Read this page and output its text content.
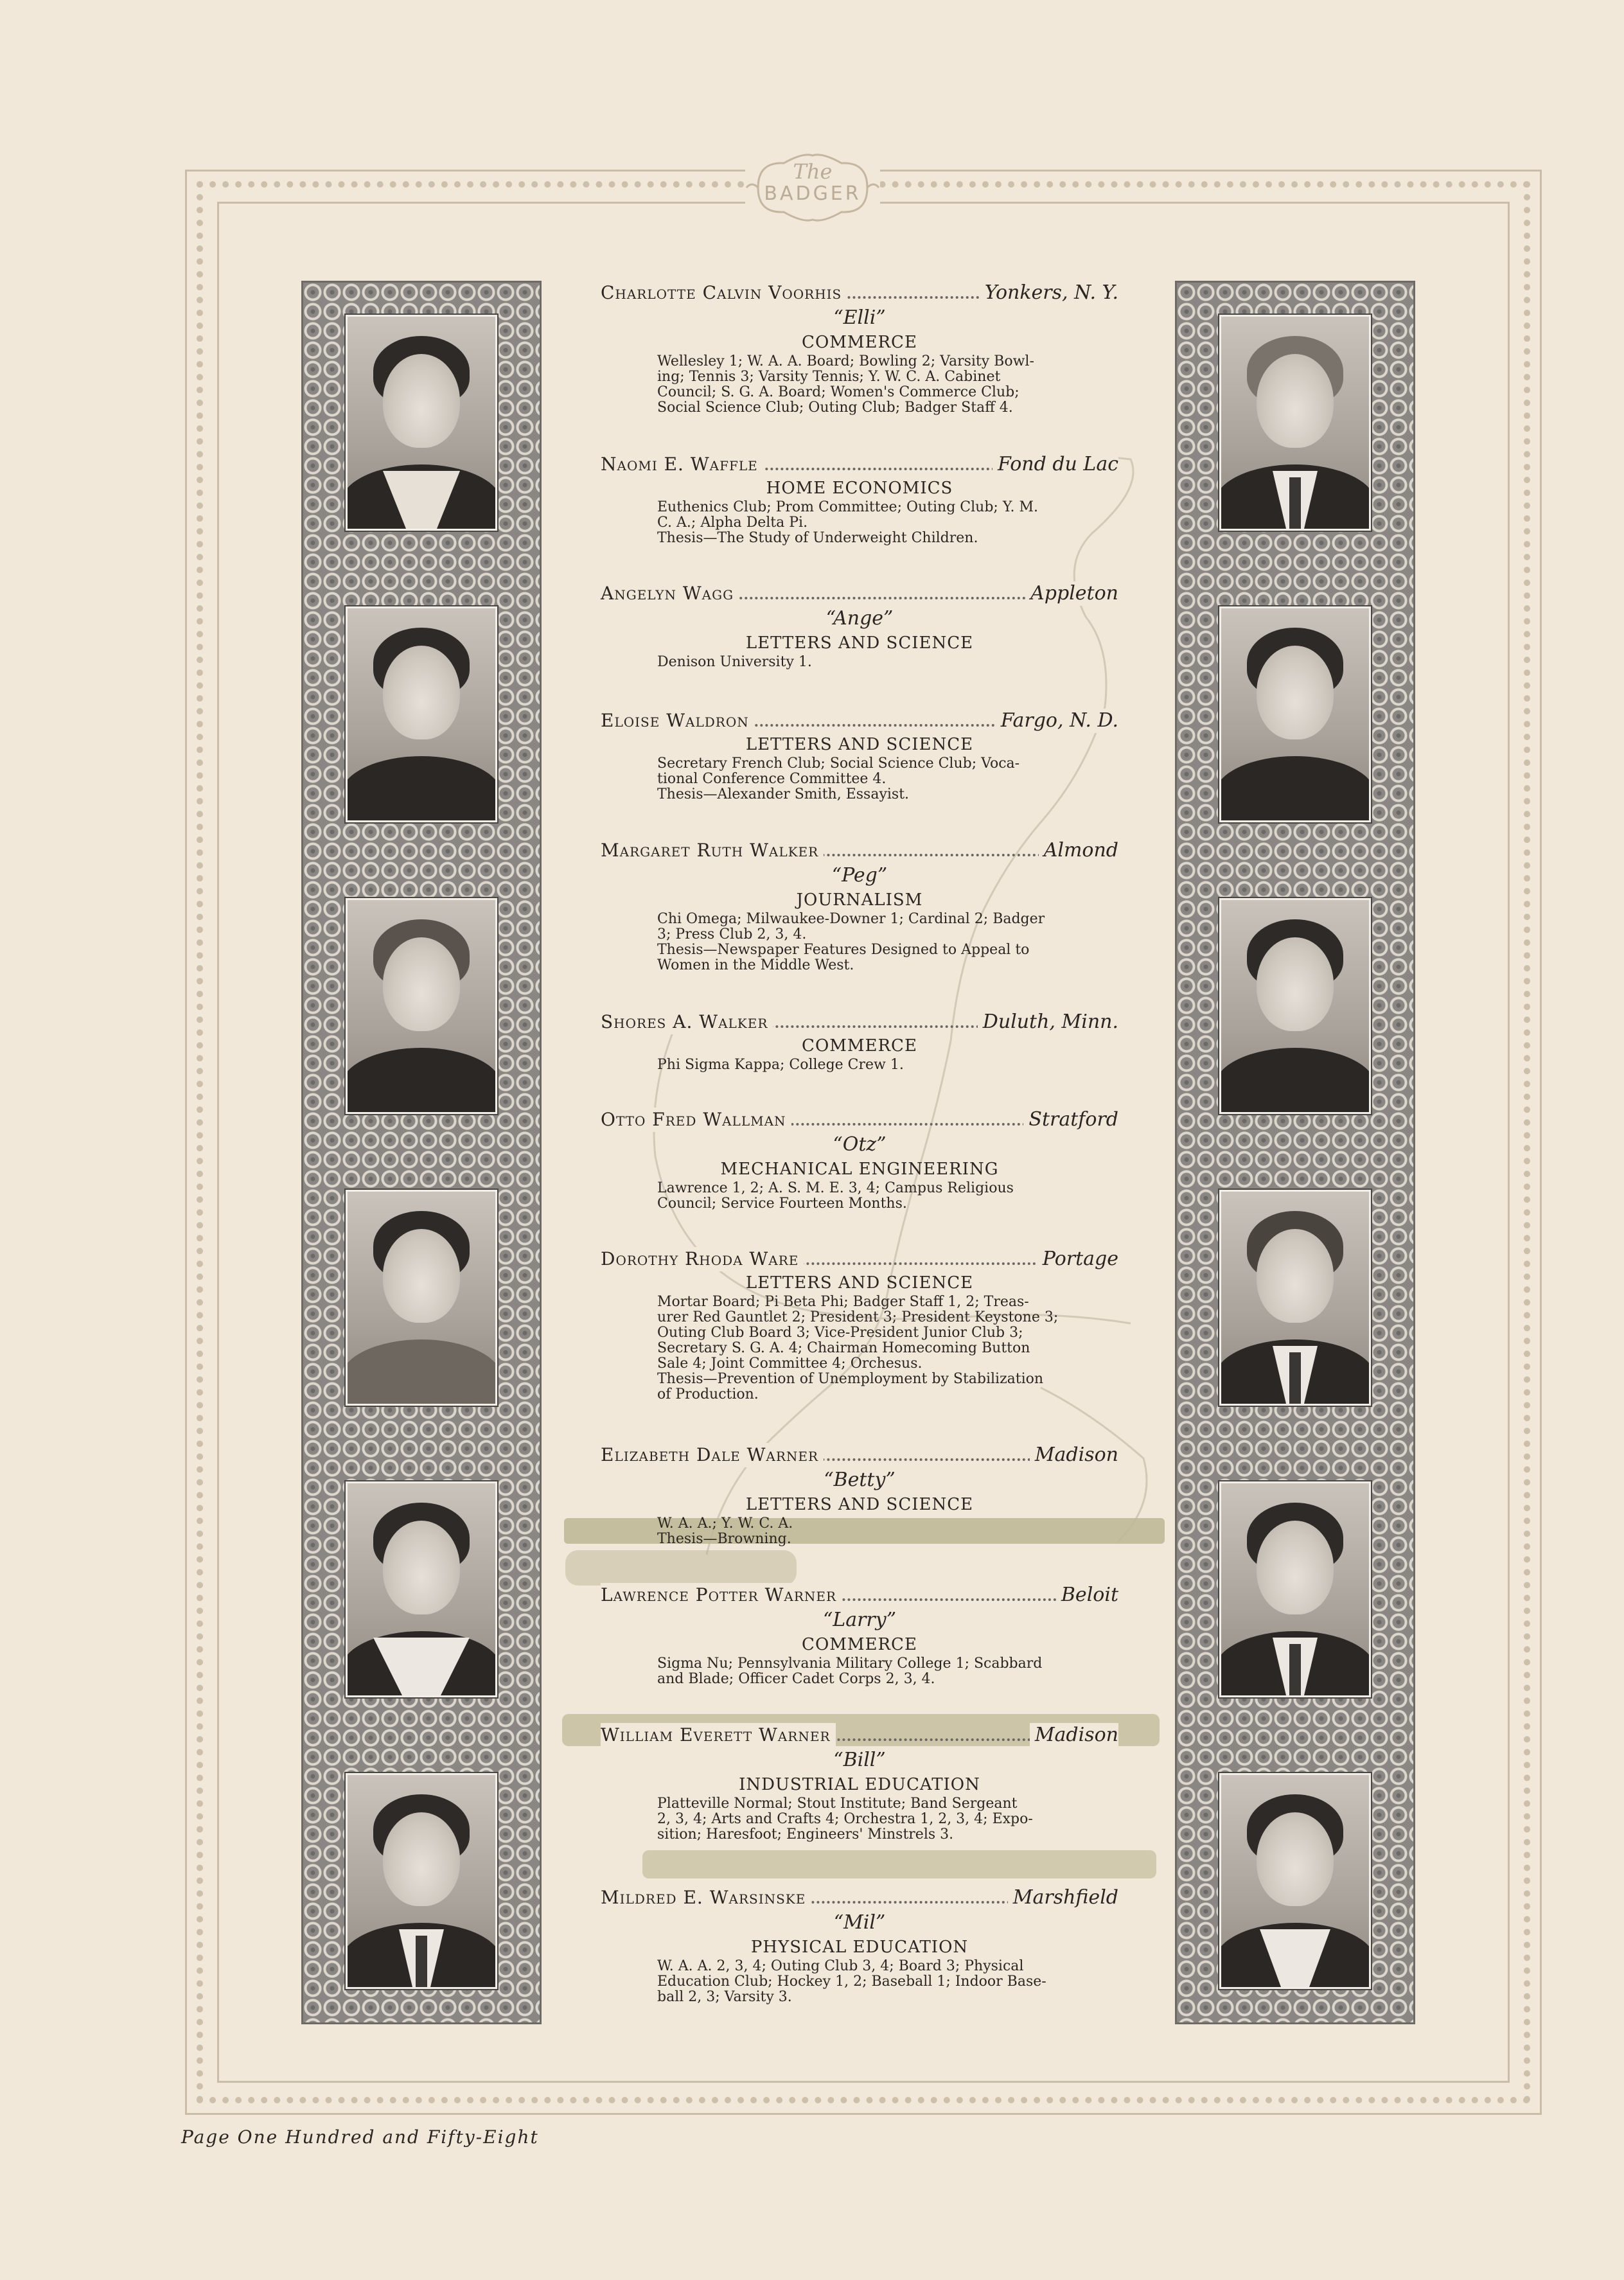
The
BADGER
Charlotte Calvin Voorhis	Yonkers, N. Y.
“Elli”
COMMERCE

Wellesley 1; W. A. A. Board; Bowling 2; Varsity Bowl-

ing; Tennis 3; Varsity Tennis; Y. W. C. A. Cabinet

Council; S. G. A. Board; Women's Commerce Club;

Social Science Club; Outing Club; Badger Staff 4.

Naomi E. Waffle	Fond du Lac
HOME ECONOMICS

Euthenics Club; Prom Committee; Outing Club; Y. M.

C. A.; Alpha Delta Pi.

Thesis—The Study of Underweight Children.

Angelyn Wagg	Appleton
“Ange”
LETTERS AND SCIENCE

Denison University 1.

Eloise Waldron	Fargo, N. D.
LETTERS AND SCIENCE

Secretary French Club; Social Science Club; Voca-

tional Conference Committee 4.

Thesis—Alexander Smith, Essayist.

Margaret Ruth Walker	Almond
“Peg”
JOURNALISM

Chi Omega; Milwaukee-Downer 1; Cardinal 2; Badger

3; Press Club 2, 3, 4.

Thesis—Newspaper Features Designed to Appeal to

Women in the Middle West.

Shores A. Walker	Duluth, Minn.
COMMERCE

Phi Sigma Kappa; College Crew 1.

Otto Fred Wallman	Stratford
“Otz”
MECHANICAL ENGINEERING

Lawrence 1, 2; A. S. M. E. 3, 4; Campus Religious

Council; Service Fourteen Months.

Dorothy Rhoda Ware	Portage
LETTERS AND SCIENCE

Mortar Board; Pi Beta Phi; Badger Staff 1, 2; Treas-

urer Red Gauntlet 2; President 3; President Keystone 3;

Outing Club Board 3; Vice-President Junior Club 3;

Secretary S. G. A. 4; Chairman Homecoming Button

Sale 4; Joint Committee 4; Orchesus.

Thesis—Prevention of Unemployment by Stabilization

of Production.

Elizabeth Dale Warner	Madison
“Betty”
LETTERS AND SCIENCE

W. A. A.; Y. W. C. A.

Thesis—Browning.

Lawrence Potter Warner	Beloit
“Larry”
COMMERCE

Sigma Nu; Pennsylvania Military College 1; Scabbard

and Blade; Officer Cadet Corps 2, 3, 4.

William Everett Warner	Madison
“Bill”
INDUSTRIAL EDUCATION

Platteville Normal; Stout Institute; Band Sergeant

2, 3, 4; Arts and Crafts 4; Orchestra 1, 2, 3, 4; Expo-

sition; Haresfoot; Engineers' Minstrels 3.

Mildred E. Warsinske	Marshfield
“Mil”
PHYSICAL EDUCATION

W. A. A. 2, 3, 4; Outing Club 3, 4; Board 3; Physical

Education Club; Hockey 1, 2; Baseball 1; Indoor Base-

ball 2, 3; Varsity 3.

Page One Hundred and Fifty-Eight
